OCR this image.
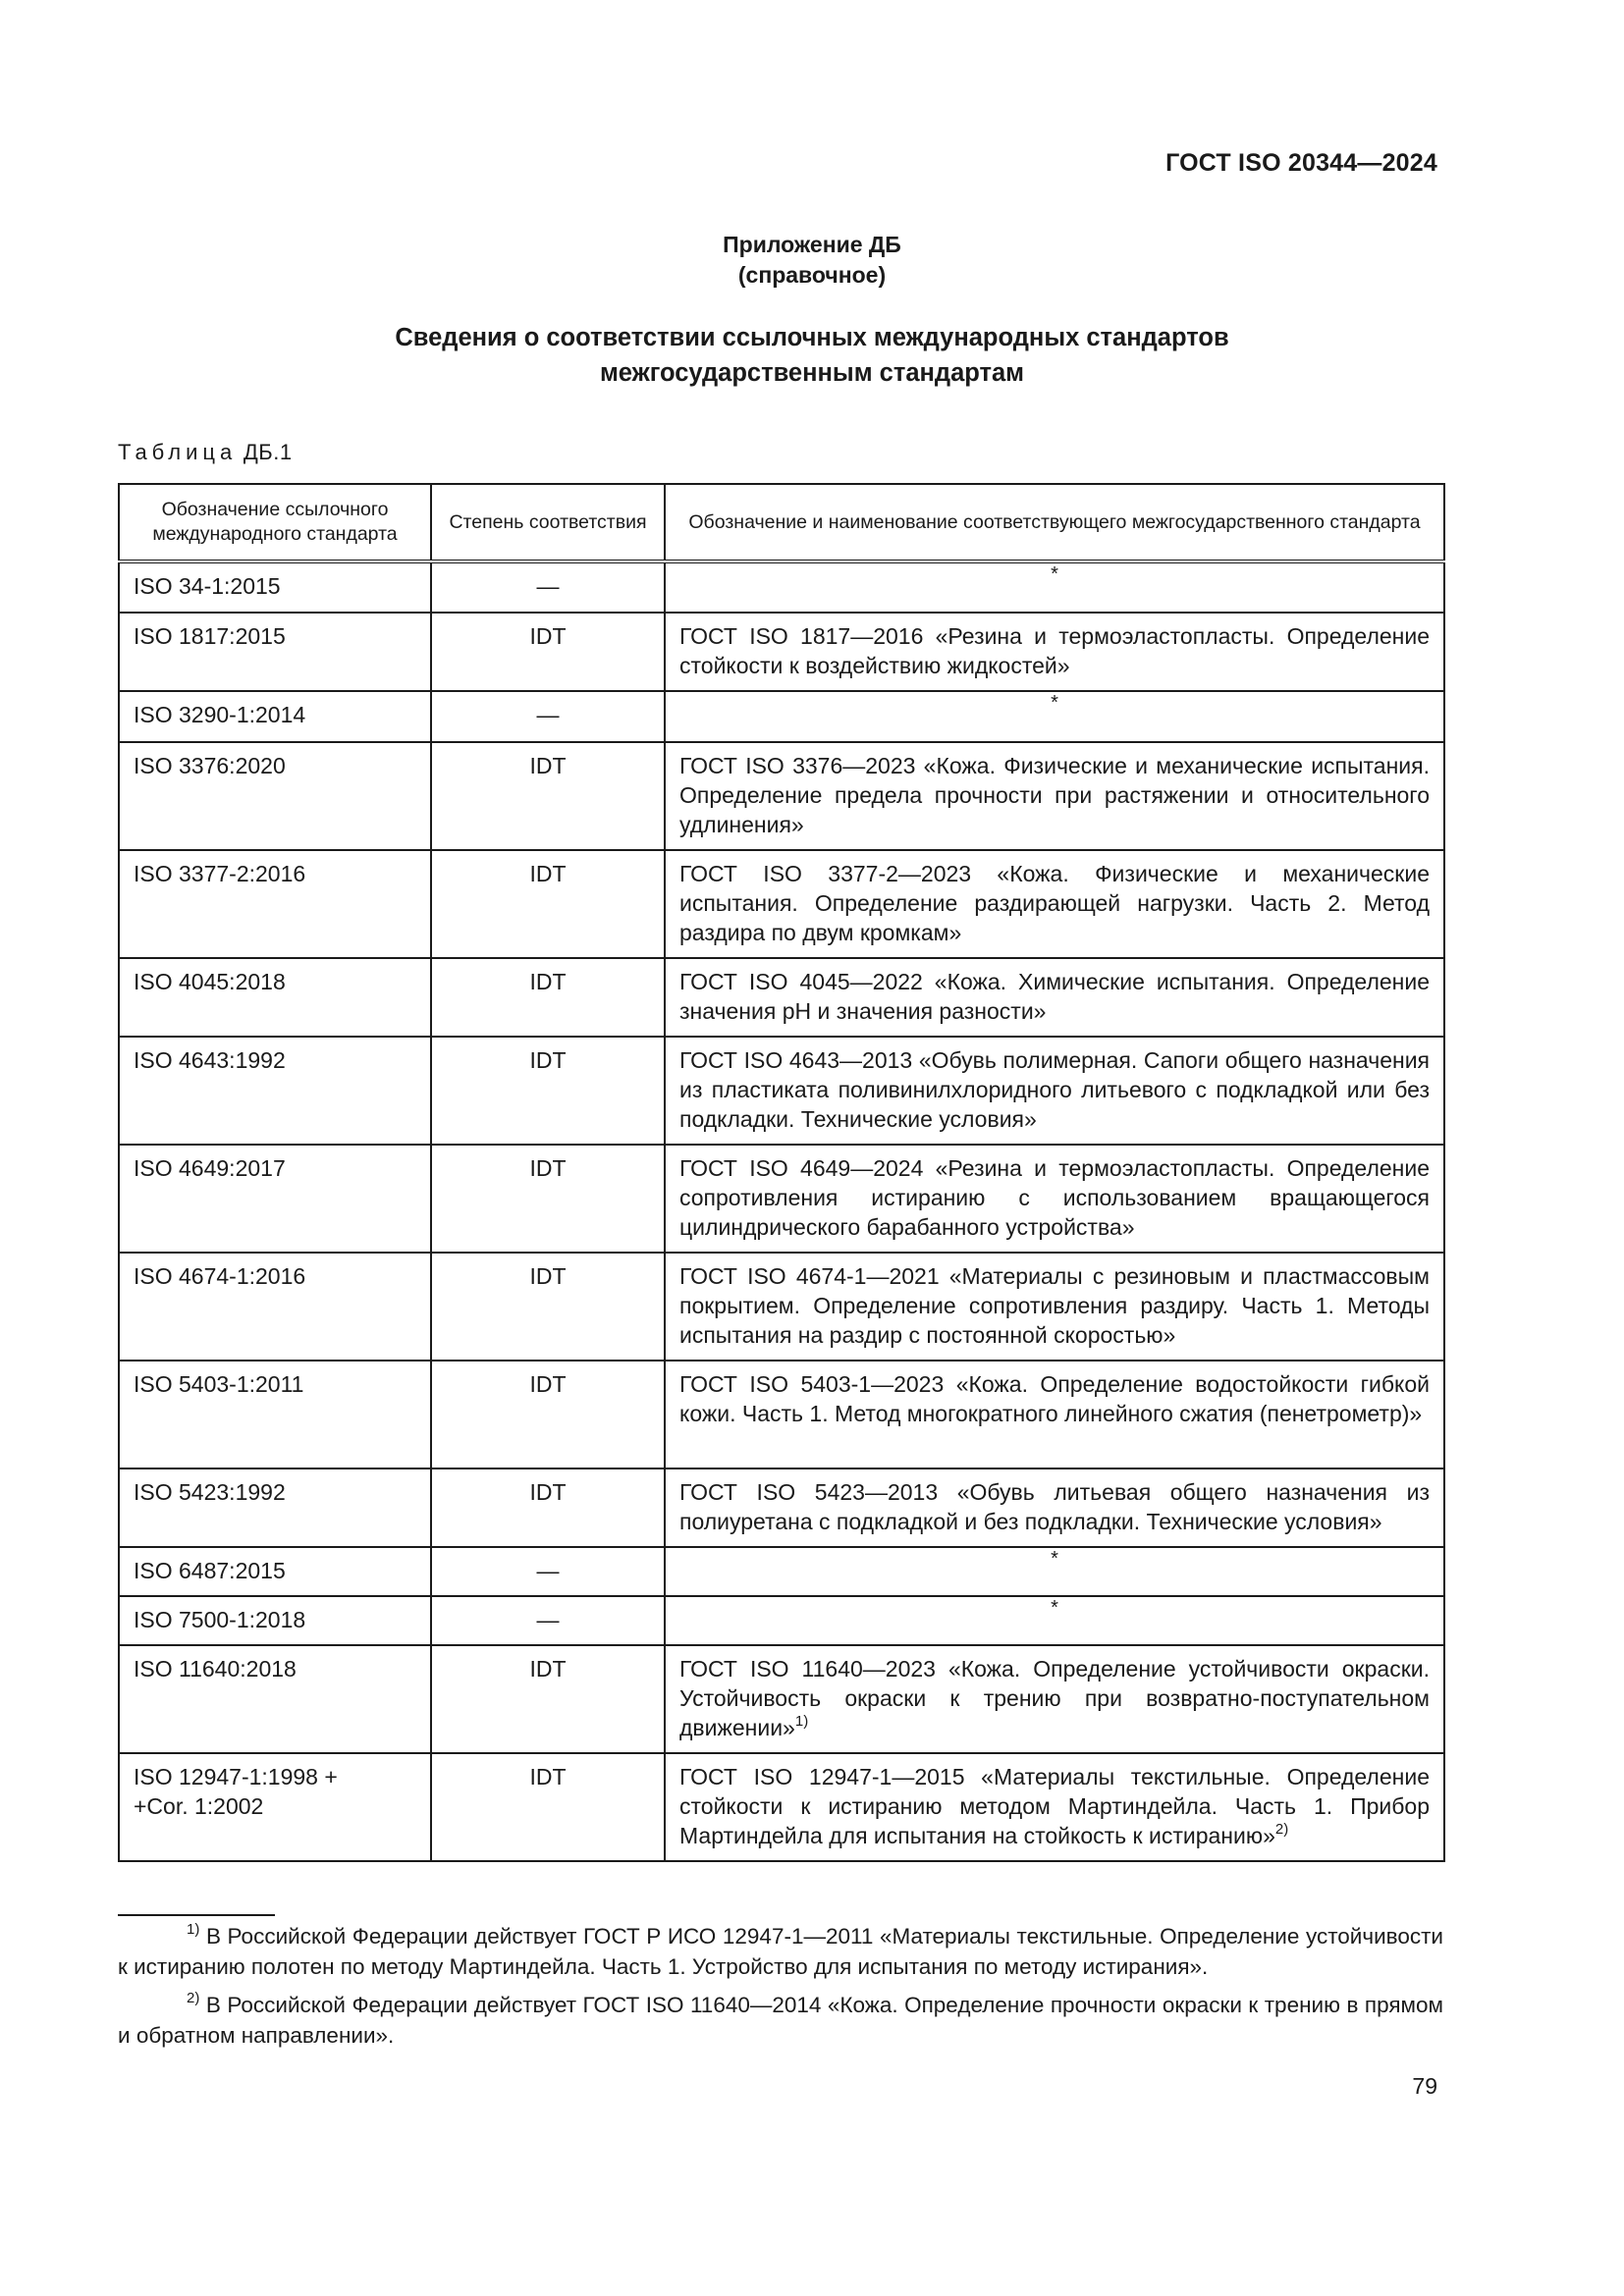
ГОСТ ISO 20344—2024
Приложение ДБ
(справочное)
Сведения о соответствии ссылочных международных стандартов
межгосударственным стандартам
Таблица ДБ.1
Обозначение ссылочного международного стандарта	Степень соответствия	Обозначение и наименование соответствующего межгосударственного стандарта
ISO 34-1:2015	—	*
ISO 1817:2015	IDT	ГОСТ ISO 1817—2016 «Резина и термоэластопласты. Определение стойкости к воздействию жидкостей»
ISO 3290-1:2014	—	*
ISO 3376:2020	IDT	ГОСТ ISO 3376—2023 «Кожа. Физические и механические испытания. Определение предела прочности при растяжении и относительного удлинения»
ISO 3377-2:2016	IDT	ГОСТ ISO 3377-2—2023 «Кожа. Физические и механические испытания. Определение раздирающей нагрузки. Часть 2. Метод раздира по двум кромкам»
ISO 4045:2018	IDT	ГОСТ ISO 4045—2022 «Кожа. Химические испытания. Определение значения pH и значения разности»
ISO 4643:1992	IDT	ГОСТ ISO 4643—2013 «Обувь полимерная. Сапоги общего назначения из пластиката поливинилхлоридного литьевого с подкладкой или без подкладки. Технические условия»
ISO 4649:2017	IDT	ГОСТ ISO 4649—2024 «Резина и термоэластопласты. Определение сопротивления истиранию с использованием вращающегося цилиндрического барабанного устройства»
ISO 4674-1:2016	IDT	ГОСТ ISO 4674-1—2021 «Материалы с резиновым и пластмассовым покрытием. Определение сопротивления раздиру. Часть 1. Методы испытания на раздир с постоянной скоростью»
ISO 5403-1:2011	IDT	ГОСТ ISO 5403-1—2023 «Кожа. Определение водостойкости гибкой кожи. Часть 1. Метод многократного линейного сжатия (пенетрометр)»
ISO 5423:1992	IDT	ГОСТ ISO 5423—2013 «Обувь литьевая общего назначения из полиуретана с подкладкой и без подкладки. Технические условия»
ISO 6487:2015	—	*
ISO 7500-1:2018	—	*
ISO 11640:2018	IDT	ГОСТ ISO 11640—2023 «Кожа. Определение устойчивости окраски. Устойчивость окраски к трению при возвратно-поступательном движении»$^{1)}$

ISO 12947-1:1998 +
+Cor. 1:2002	IDT	ГОСТ ISO 12947-1—2015 «Материалы текстильные. Определение стойкости к истиранию методом Мартиндейла. Часть 1. Прибор Мартиндейла для испытания на стойкость к истиранию»$^{2)}$

$^{1)}$ В Российской Федерации действует ГОСТ Р ИСО 12947-1—2011 «Материалы текстильные. Определение устойчивости к истиранию полотен по методу Мартиндейла. Часть 1. Устройство для испытания по методу истирания».

$^{2)}$ В Российской Федерации действует ГОСТ ISO 11640—2014 «Кожа. Определение прочности окраски к трению в прямом и обратном направлении».

79
